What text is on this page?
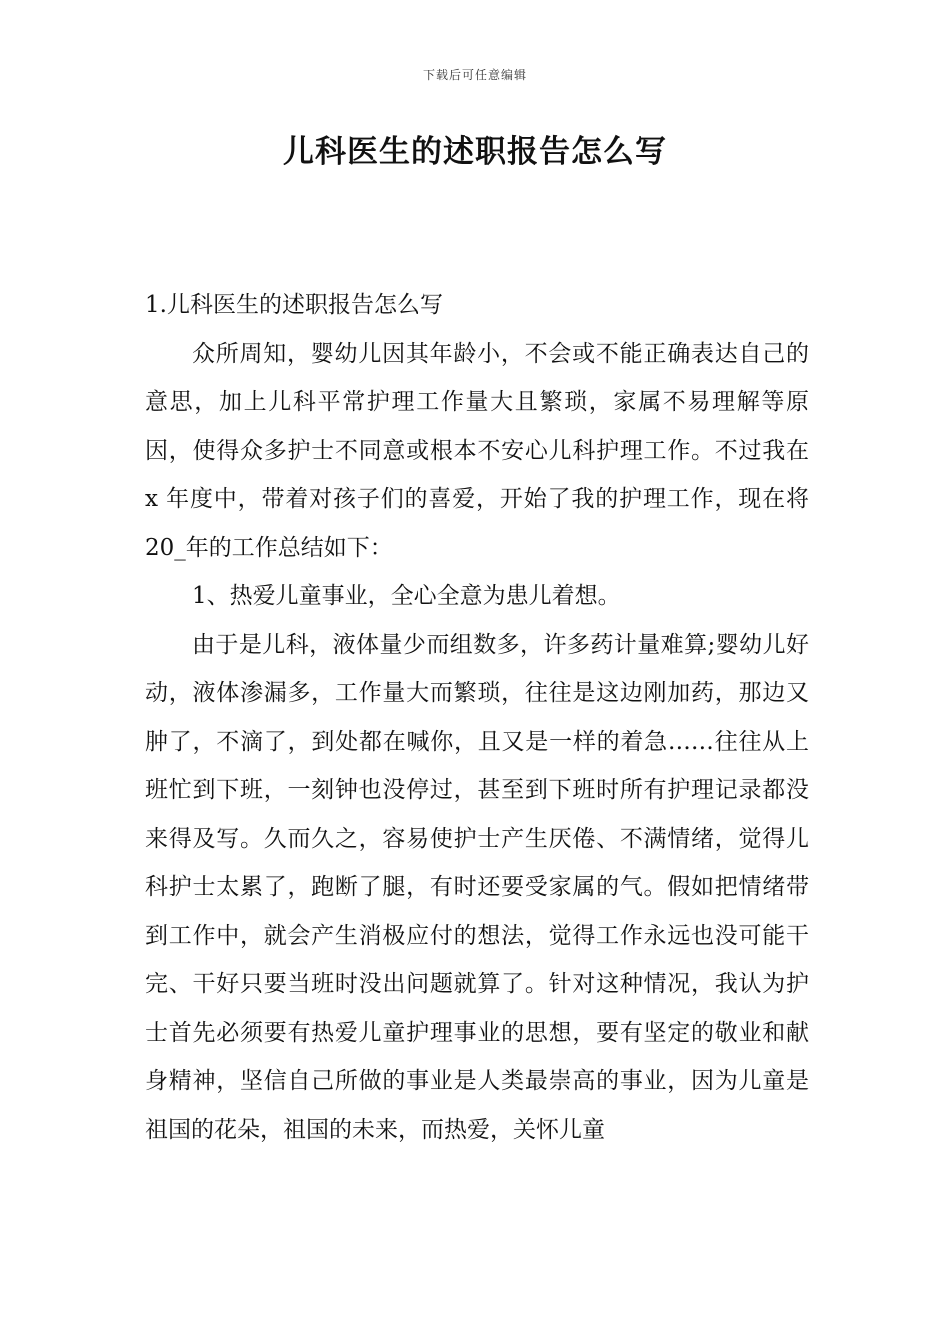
下载后可任意编辑
儿科医生的述职报告怎么写

1.儿科医生的述职报告怎么写

众所周知，婴幼儿因其年龄小，不会或不能正确表达自己的意思，加上儿科平常护理工作量大且繁琐，家属不易理解等原因，使得众多护士不同意或根本不安心儿科护理工作。不过我在 x 年度中，带着对孩子们的喜爱，开始了我的护理工作，现在将 20_年的工作总结如下：

1、热爱儿童事业，全心全意为患儿着想。

由于是儿科，液体量少而组数多，许多药计量难算;婴幼儿好动，液体渗漏多，工作量大而繁琐，往往是这边刚加药，那边又肿了，不滴了，到处都在喊你，且又是一样的着急……往往从上班忙到下班，一刻钟也没停过，甚至到下班时所有护理记录都没来得及写。久而久之，容易使护士产生厌倦、不满情绪，觉得儿科护士太累了，跑断了腿，有时还要受家属的气。假如把情绪带到工作中，就会产生消极应付的想法，觉得工作永远也没可能干完、干好只要当班时没出问题就算了。针对这种情况，我认为护士首先必须要有热爱儿童护理事业的思想，要有坚定的敬业和献身精神，坚信自己所做的事业是人类最崇高的事业，因为儿童是祖国的花朵，祖国的未来，而热爱，关怀儿童
